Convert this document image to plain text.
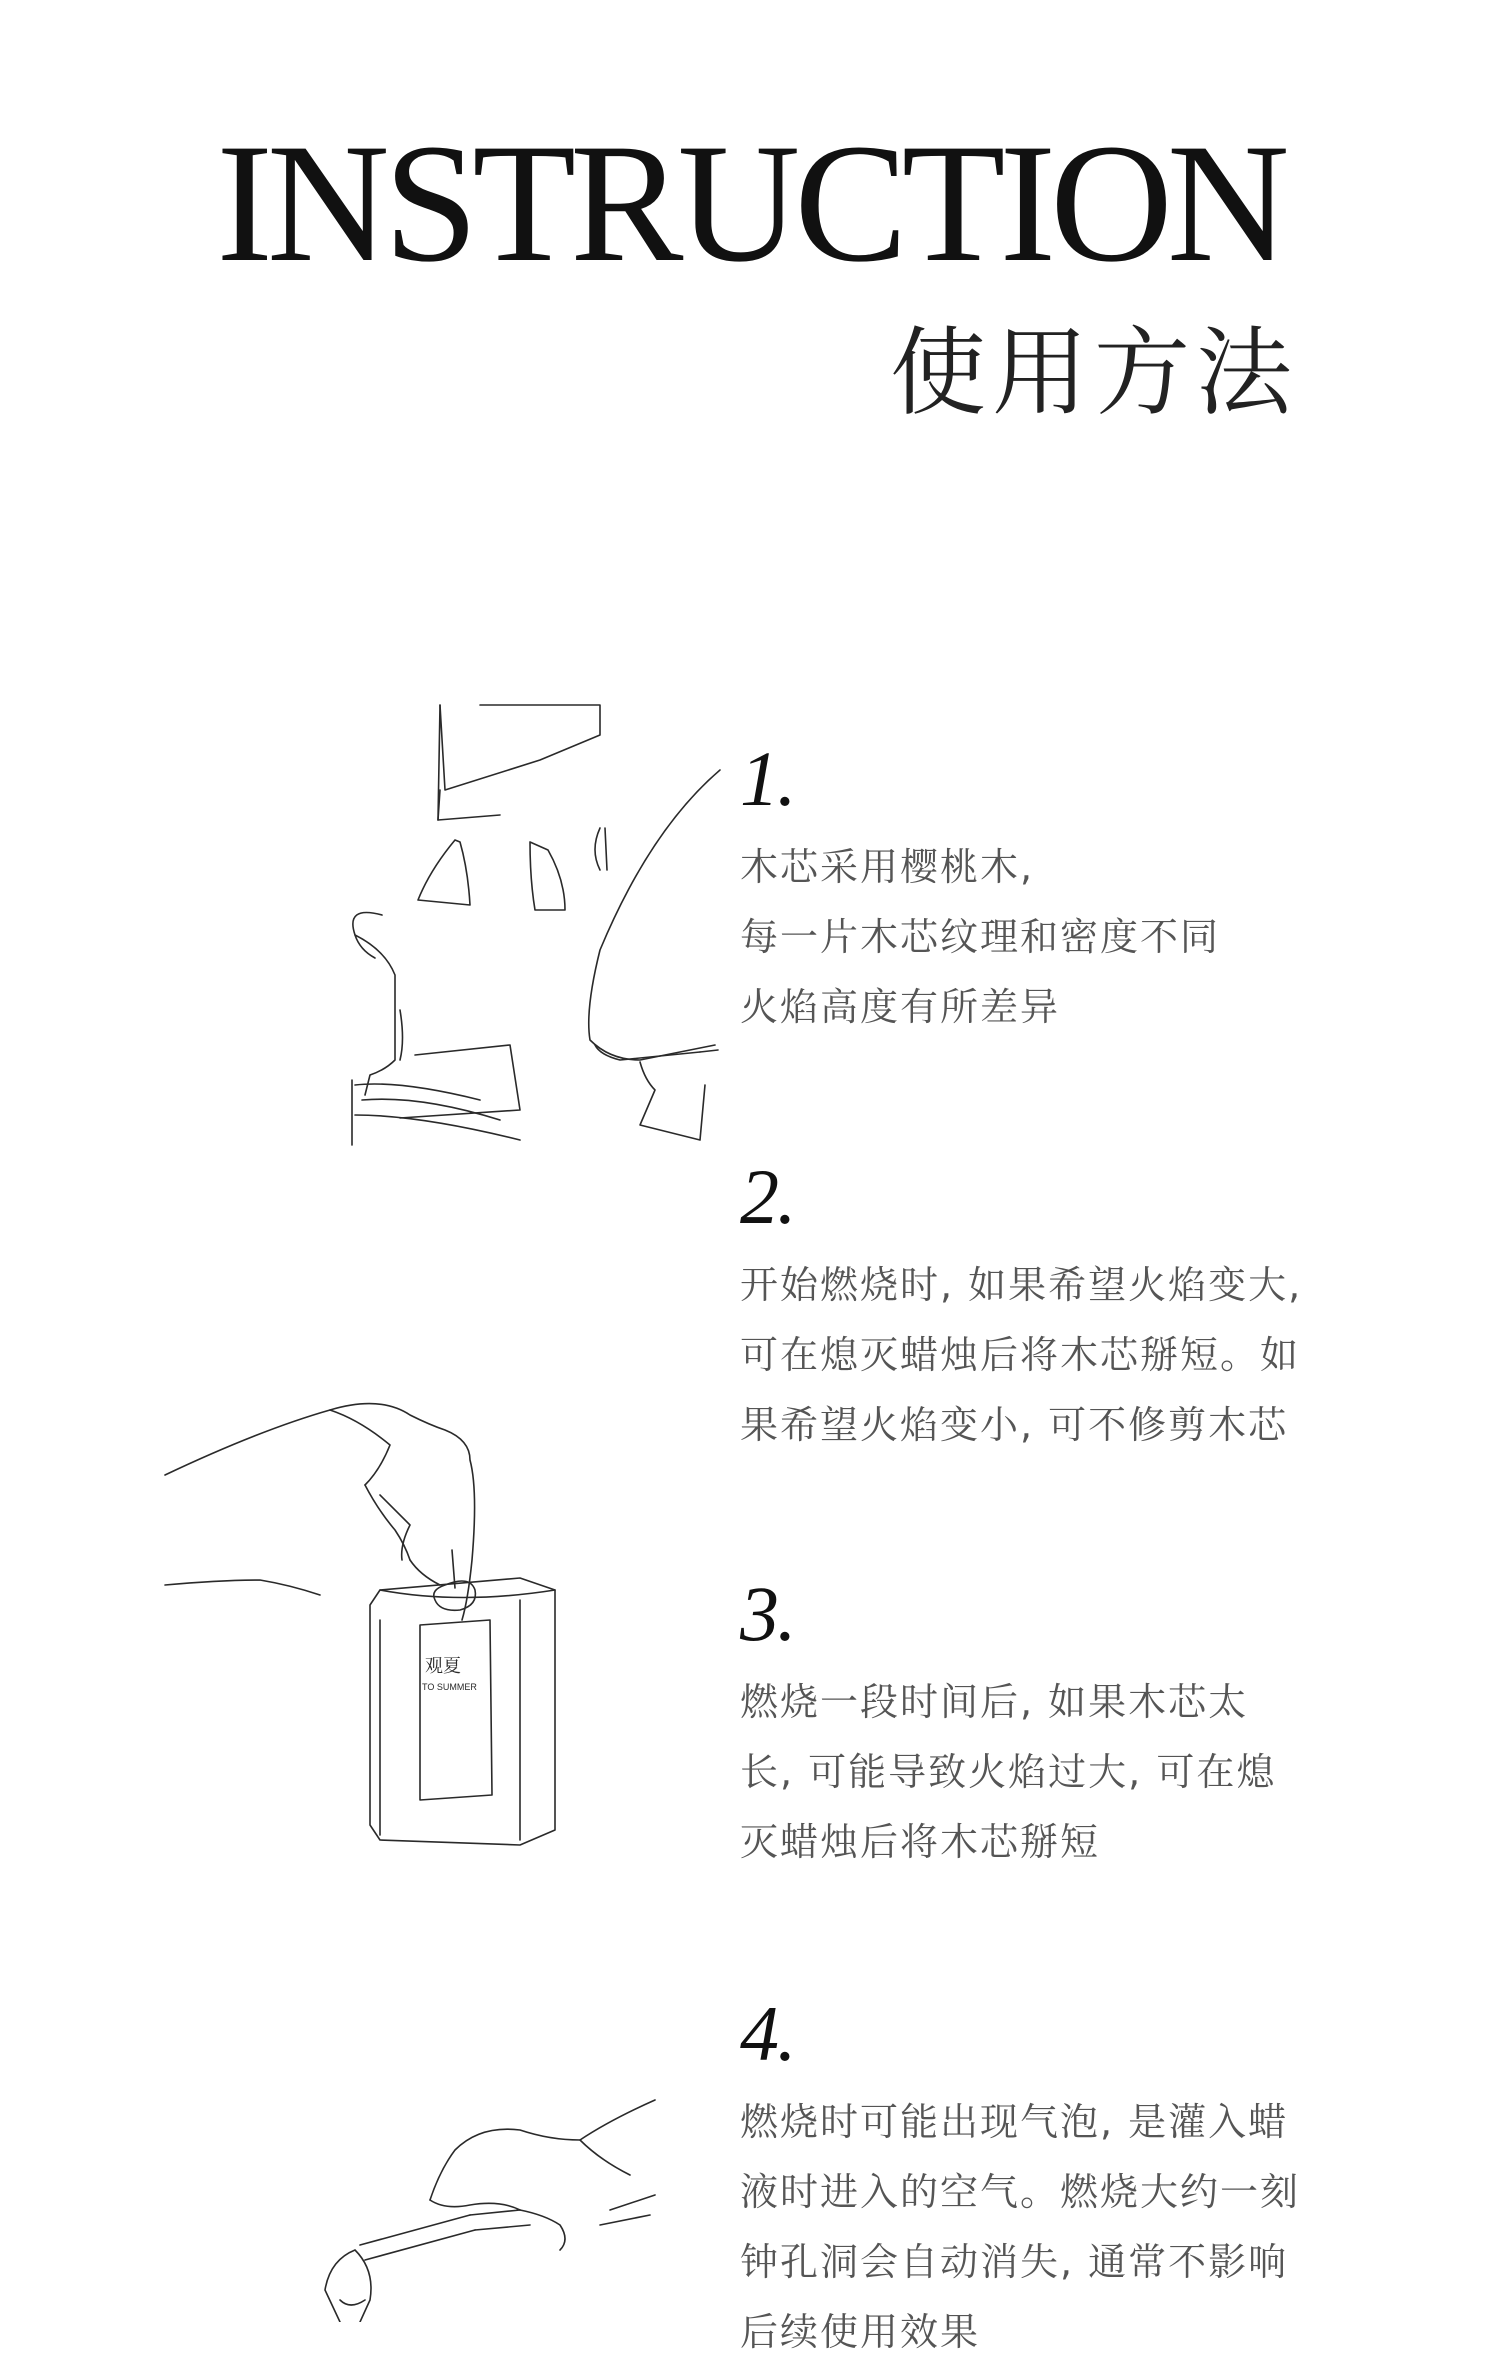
INSTRUCTION
使用方法
观夏
TO SUMMER
1.
木芯采用樱桃木,
每一片木芯纹理和密度不同
火焰高度有所差异
2.
开始燃烧时, 如果希望火焰变大,
可在熄灭蜡烛后将木芯掰短。如
果希望火焰变小, 可不修剪木芯
3.
燃烧一段时间后, 如果木芯太
长, 可能导致火焰过大, 可在熄
灭蜡烛后将木芯掰短
4.
燃烧时可能出现气泡, 是灌入蜡
液时进入的空气。燃烧大约一刻
钟孔洞会自动消失, 通常不影响
后续使用效果
